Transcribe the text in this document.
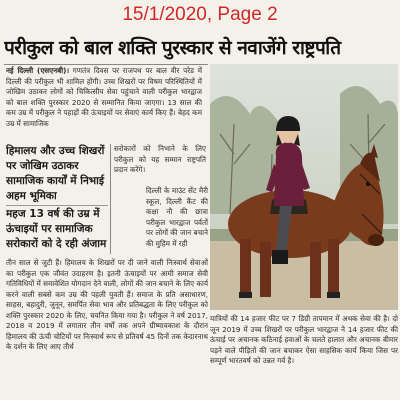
15/1/2020, Page 2
परीकुल को बाल शक्ति पुरस्कार से नवाजेंगे राष्ट्रपति
नई दिल्ली (एसएनबी)। गणतंत्र दिवस पर राजपथ पर बाल वीर परेड में दिल्ली की परीकुल भी शामिल होंगी। उच्च शिखरों पर विषम परिस्थितियों में जोखिम उठाकर लोगों को चिकित्सीय सेवा पहुंचाने वाली परीकुल भारद्वाज को बाल शक्ति पुरस्कार 2020 से सम्मानित किया जाएगा। 13 साल की कम उम्र में परीकुल ने पहाड़ों की ऊंचाइयों पर सेवाएं कार्य किए हैं। बेहद कम उम्र में सामाजिक
हिमालय और उच्च शिखरों पर जोखिम उठाकर सामाजिक कार्यों में निभाई अहम भूमिका
महज 13 वर्ष की उम्र में ऊंचाइयों पर सामाजिक सरोकारों को दे रही अंजाम
सरोकारों को निभाने के लिए परीकुल को यह सम्मान राष्ट्रपति प्रदान करेंगे।
दिल्ली के माउंट सेंट मैरी स्कूल, दिल्ली कैंट की कक्षा नौ की छात्रा परीकुल भारद्वाज पर्वतों पर लोगों की जान बचाने की मुहिम में रही
तीन साल से जुटी हैं। हिमालय के शिखरों पर दी जाने वाली निःस्वार्थ सेवाओं का परीकुल एक जीवंत उदाहरण है। इतनी ऊंचाइयों पर आमी समाज सेवी गतिविधियों में समावेशित योगदान देने वाली, लोगों की जान बचाने के लिए कार्य करने वाली सबसे कम उम्र की पहली युवती हैं। समाज के प्रति असाधारण, साहस, बहादुरी, जुनून, समर्पित सेवा भाव और प्रतिबद्धता के लिए परीकुल को शक्ति पुरस्कार 2020 के लिए, चयनित किया गया है। परीकुल ने वर्ष 2017, 2018 व 2019 में लगातार तीन वर्षों तक अपने ग्रीष्मावकाश के दौरान हिमालय की ऊंची चोटियों पर निःस्वार्थ रूप से प्रतिवर्ष 45 दिनों तक केदारनाथ के दर्शन के लिए आए तीर्थ
यात्रियों की 14 हजार फीट पर 7 डिग्री तापमान में अथक सेवा की है। दो जून 2019 में उच्च शिखरों पर परीकुल भारद्वाज ने 14 हजार फीट की ऊंचाई पर अचानक कठिनाई हवाओं के चलते हालात और अचानक बीमार पड़ने वाले पीड़ितों की जान बचाकर ऐसा साहसिक कार्य किया जिस पर सम्पूर्ण भारतवर्ष को उन्नत गर्व है।
